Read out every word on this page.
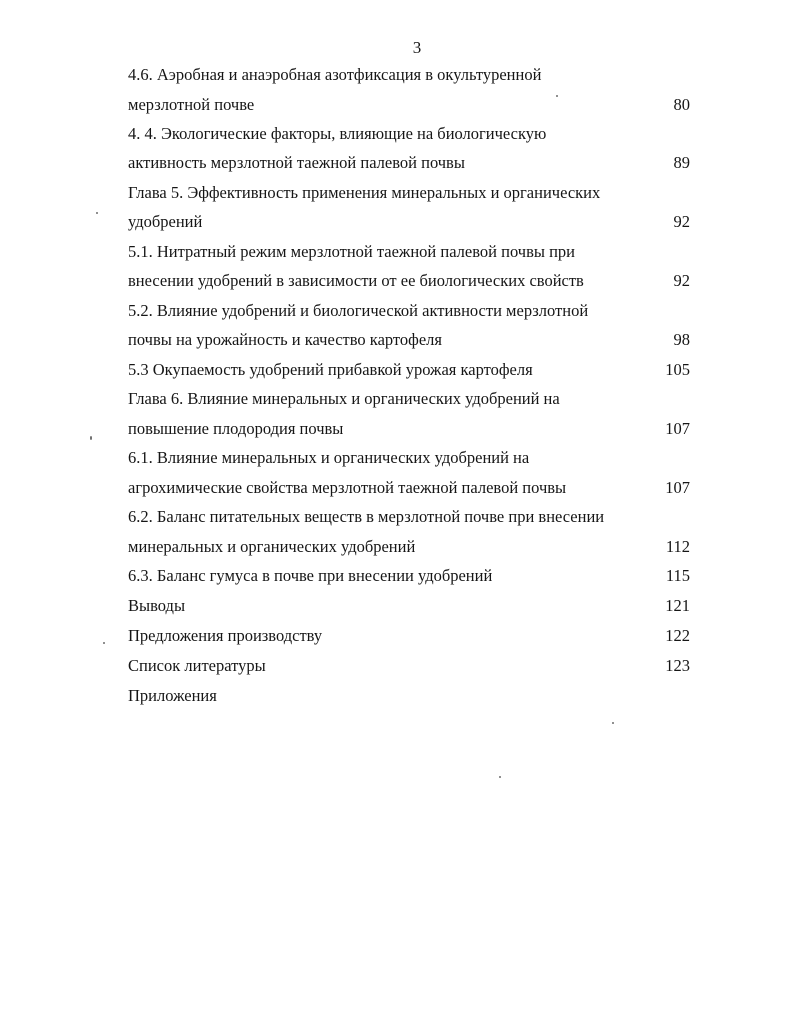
3
4.6. Аэробная и анаэробная азотфиксация в окультуренной
мерзлотной почве	80
4. 4. Экологические факторы, влияющие на биологическую
активность мерзлотной таежной палевой почвы	89
Глава 5. Эффективность применения минеральных и органических
удобрений	92
5.1. Нитратный режим мерзлотной таежной палевой почвы при
внесении удобрений в зависимости от ее биологических свойств	92
5.2. Влияние удобрений и биологической активности мерзлотной
почвы на урожайность и качество картофеля	98
5.3 Окупаемость удобрений прибавкой урожая картофеля	105
Глава 6. Влияние минеральных и органических удобрений на
повышение плодородия почвы	107
6.1. Влияние минеральных и органических удобрений на
агрохимические свойства мерзлотной таежной палевой почвы	107
6.2. Баланс питательных веществ в мерзлотной почве при внесении
минеральных и органических удобрений	112
6.3. Баланс гумуса в почве при внесении удобрений	115
Выводы	121
Предложения производству	122
Список литературы	123
Приложения
